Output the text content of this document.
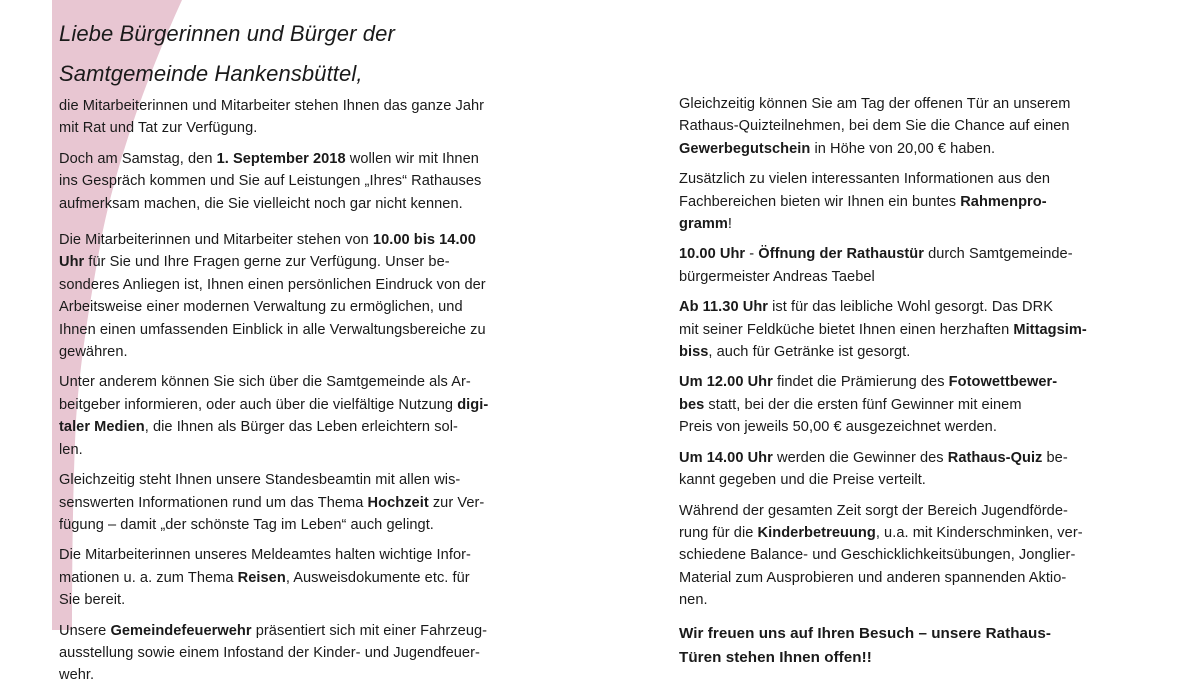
Liebe Bürgerinnen und Bürger der
Samtgemeinde Hankensbüttel,

die Mitarbeiterinnen und Mitarbeiter stehen Ihnen das ganze Jahr
mit Rat und Tat zur Verfügung.

Doch am Samstag, den 1. September 2018 wollen wir mit Ihnen
ins Gespräch kommen und Sie auf Leistungen „Ihres“ Rathauses
aufmerksam machen, die Sie vielleicht noch gar nicht kennen.

Die Mitarbeiterinnen und Mitarbeiter stehen von 10.00 bis 14.00
Uhr für Sie und Ihre Fragen gerne zur Verfügung. Unser be-
sonderes Anliegen ist, Ihnen einen persönlichen Eindruck von der
Arbeitsweise einer modernen Verwaltung zu ermöglichen, und
Ihnen einen umfassenden Einblick in alle Verwaltungsbereiche zu
gewähren.

Unter anderem können Sie sich über die Samtgemeinde als Ar-
beitgeber informieren, oder auch über die vielfältige Nutzung digi-
taler Medien, die Ihnen als Bürger das Leben erleichtern sol-
len.

Gleichzeitig steht Ihnen unsere Standesbeamtin mit allen wis-
senswerten Informationen rund um das Thema Hochzeit zur Ver-
fügung – damit „der schönste Tag im Leben“ auch gelingt.

Die Mitarbeiterinnen unseres Meldeamtes halten wichtige Infor-
mationen u. a. zum Thema Reisen, Ausweisdokumente etc. für
Sie bereit.

Unsere Gemeindefeuerwehr präsentiert sich mit einer Fahrzeug-
ausstellung sowie einem Infostand der Kinder- und Jugendfeuer-
wehr.

Gleichzeitig können Sie am Tag der offenen Tür an unserem
Rathaus-Quizteilnehmen, bei dem Sie die Chance auf einen
Gewerbegutschein in Höhe von 20,00 € haben.

Zusätzlich zu vielen interessanten Informationen aus den
Fachbereichen bieten wir Ihnen ein buntes Rahmenpro-
gramm!

10.00 Uhr - Öffnung der Rathaustür durch Samtgemeinde-
bürgermeister Andreas Taebel

Ab 11.30 Uhr ist für das leibliche Wohl gesorgt. Das DRK
mit seiner Feldküche bietet Ihnen einen herzhaften Mittagsim-
biss, auch für Getränke ist gesorgt.

Um 12.00 Uhr findet die Prämierung des Fotowettbewer-
bes statt, bei der die ersten fünf Gewinner mit einem
Preis von jeweils 50,00 € ausgezeichnet werden.

Um 14.00 Uhr werden die Gewinner des Rathaus-Quiz be-
kannt gegeben und die Preise verteilt.

Während der gesamten Zeit sorgt der Bereich Jugendförde-
rung für die Kinderbetreuung, u.a. mit Kinderschminken, ver-
schiedene Balance- und Geschicklichkeitsübungen, Jonglier-
Material zum Ausprobieren und anderen spannenden Aktio-
nen.

Wir freuen uns auf Ihren Besuch – unsere Rathaus-
Türen stehen Ihnen offen!!
